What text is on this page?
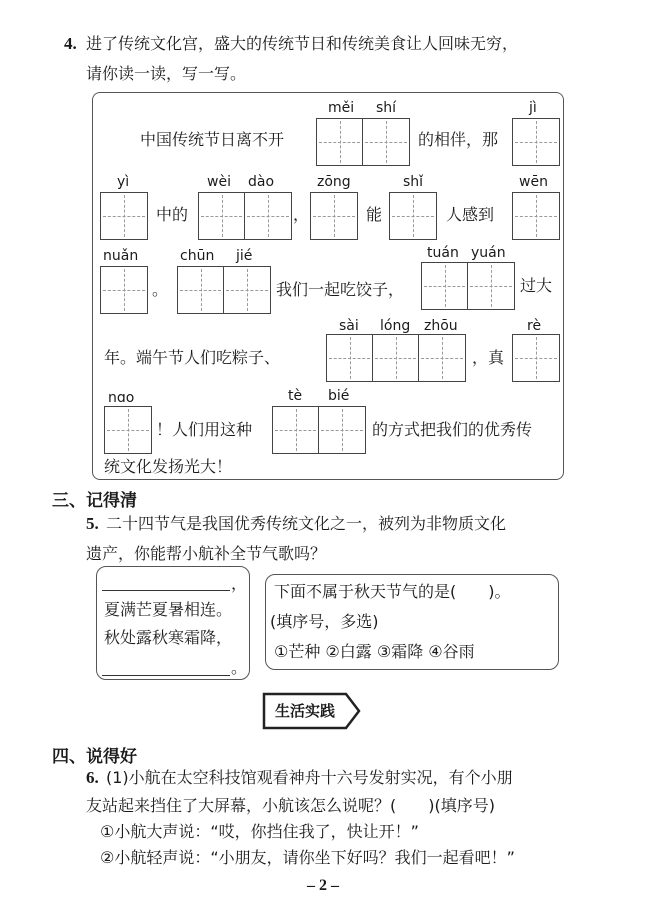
4. 进了传统文化宫，盛大的传统节日和传统美食让人回味无穷，
请你读一读，写一写。
měi shí	jì
中国传统节日离不开	的相伴，那
yì	wèi dào	zōng	shǐ	wēn
中的	，	能	人感到
nuǎn	chūn jié	tuán yuán
。	我们一起吃饺子，	过大
sài lóng zhōu	rè
年。端午节人们吃粽子、	，真
nɑo	tè bié
！人们用这种	的方式把我们的优秀传
统文化发扬光大！
三、记得清
5. 二十四节气是我国优秀传统文化之一，被列为非物质文化
遗产，你能帮小航补全节气歌吗？
，
夏满芒夏暑相连。
秋处露秋寒霜降，
。
下面不属于秋天节气的是(　　)。
(填序号，多选)
①芒种 ②白露 ③霜降 ④谷雨
生活实践
四、说得好
6. (1)小航在太空科技馆观看神舟十六号发射实况，有个小朋
友站起来挡住了大屏幕，小航该怎么说呢？(　　)(填序号)
①小航大声说：“哎，你挡住我了，快让开！”
②小航轻声说：“小朋友，请你坐下好吗？我们一起看吧！”
– 2 –
